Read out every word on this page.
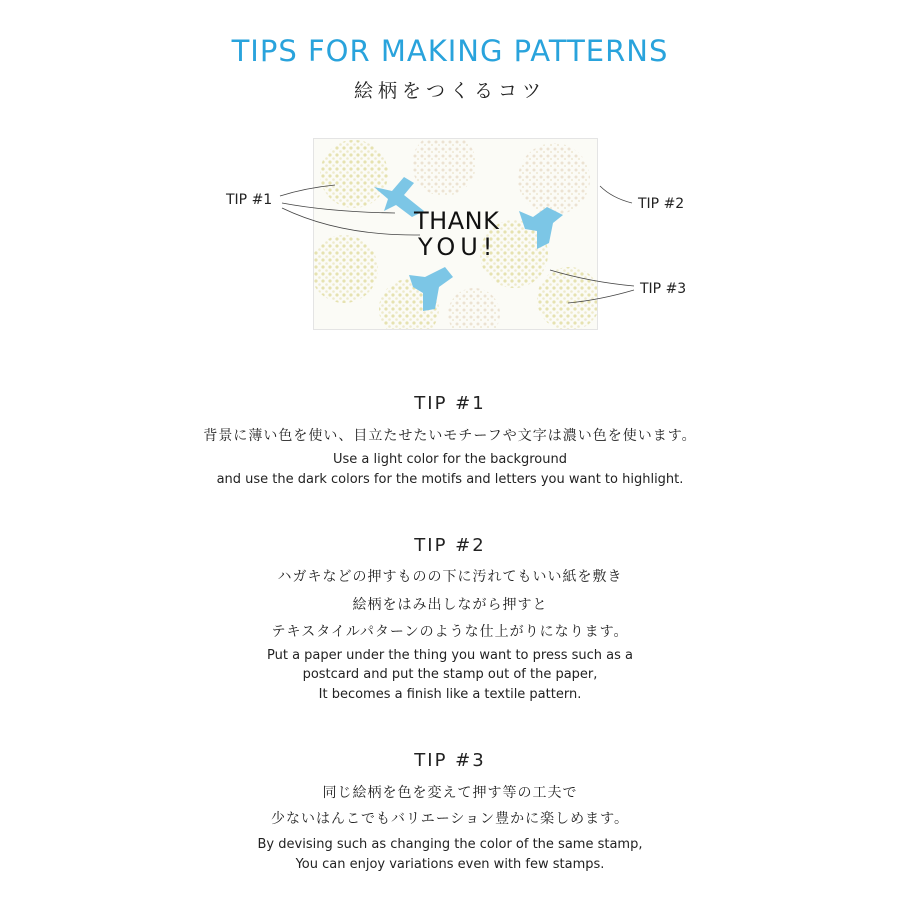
TIPS FOR MAKING PATTERNS
絵柄をつくるコツ
THANK
YOU!
TIP #1	TIP #2
TIP #3
TIP #1
背景に薄い色を使い、目立たせたいモチーフや文字は濃い色を使います。
Use a light color for the background
and use the dark colors for the motifs and letters you want to highlight.
TIP #2
ハガキなどの押すものの下に汚れてもいい紙を敷き
絵柄をはみ出しながら押すと
テキスタイルパターンのような仕上がりになります。
Put a paper under the thing you want to press such as a
postcard and put the stamp out of the paper,
It becomes a finish like a textile pattern.
TIP #3
同じ絵柄を色を変えて押す等の工夫で
少ないはんこでもバリエーション豊かに楽しめます。
By devising such as changing the color of the same stamp,
You can enjoy variations even with few stamps.
